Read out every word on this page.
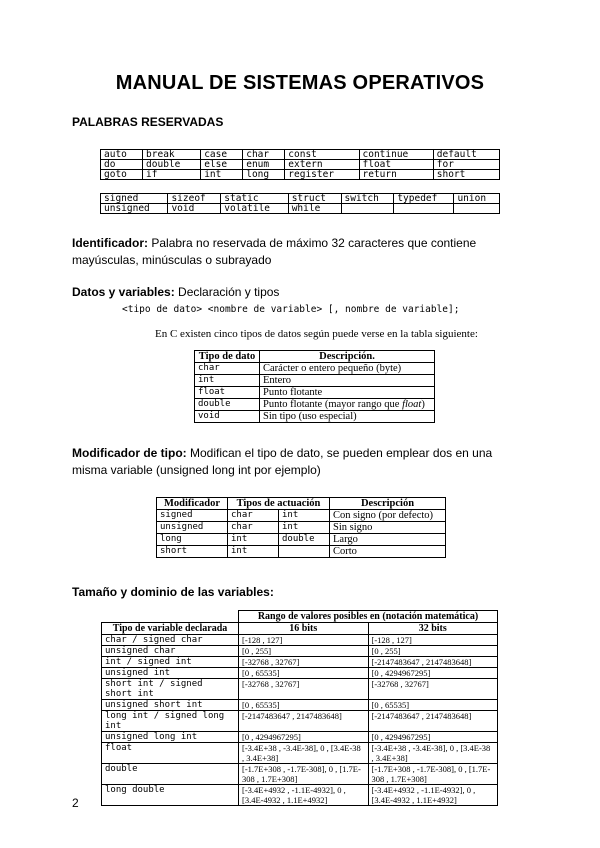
MANUAL DE SISTEMAS OPERATIVOS
PALABRAS RESERVADAS
auto	break	case	char	const	continue	default
do	double	else	enum	extern	float	for
goto	if	int	long	register	return	short
signed	sizeof	static	struct	switch	typedef	union
unsigned	void	volatile	while			
Identificador: Palabra no reservada de máximo 32 caracteres que contiene
mayúsculas, minúsculas o subrayado
Datos y variables: Declaración y tipos
<tipo de dato> <nombre de variable> [, nombre de variable];
En C existen cinco tipos de datos según puede verse en la tabla siguiente:
Tipo de dato	Descripción.
char	Carácter o entero pequeño (byte)
int	Entero
float	Punto flotante
double	Punto flotante (mayor rango que float)
void	Sin tipo (uso especial)
Modificador de tipo: Modifican el tipo de dato, se pueden emplear dos en una
misma variable (unsigned long int por ejemplo)
Modificador	Tipos de actuación		Descripción
signed	char	int	Con signo (por defecto)
unsigned	char	int	Sin signo
long	int	double	Largo
short	int		Corto
Tamaño y dominio de las variables:
	Rango de valores posibles en (notación matemática)	
Tipo de variable declarada	16 bits	32 bits
char / signed char	[-128 , 127]	[-128 , 127]
unsigned char	[0 , 255]	[0 , 255]
int / signed int	[-32768 , 32767]	[-2147483647 , 2147483648]
unsigned int	[0 , 65535]	[0 , 4294967295]
short int / signed short int	[-32768 , 32767]	[-32768 , 32767]
unsigned short int	[0 , 65535]	[0 , 65535]
long int / signed long int	[-2147483647 , 2147483648]	[-2147483647 , 2147483648]
unsigned long int	[0 , 4294967295]	[0 , 4294967295]
float	[-3.4E+38 , -3.4E-38], 0 , [3.4E-38 , 3.4E+38]	[-3.4E+38 , -3.4E-38], 0 , [3.4E-38 , 3.4E+38]
double	[-1.7E+308 , -1.7E-308], 0 , [1.7E-308 , 1.7E+308]	[-1.7E+308 , -1.7E-308], 0 , [1.7E-308 , 1.7E+308]
long double	[-3.4E+4932 , -1.1E-4932], 0 , [3.4E-4932 , 1.1E+4932]	[-3.4E+4932 , -1.1E-4932], 0 , [3.4E-4932 , 1.1E+4932]
2
